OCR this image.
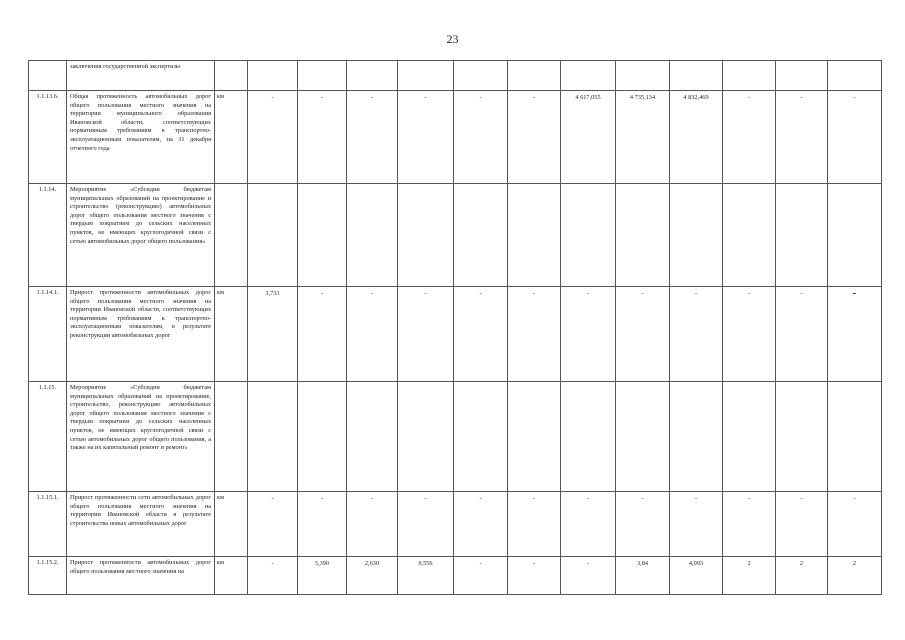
23
	заключения государственной экспертизы													
1.1.13.6.	Общая протяженность автомобильных дорог общего пользования местного значения на территории муниципального образования Ивановской области, соответствующих нормативным требованиям к транспортно-эксплуатационным показателям, на 31 декабря отчетного года	км	-	-	-	-	-	-	4 617,055	4 735,134	4 832,469	-	-	-
1.1.14.	Мероприятие «Субсидии бюджетам муниципальных образований на проектирование и строительство (реконструкцию) автомобильных дорог общего пользования местного значения с твердым покрытием до сельских населенных пунктов, не имеющих круглогодичной связи с сетью автомобильных дорог общего пользования»													
1.1.14.1.	Прирост протяженности автомобильных дорог общего пользования местного значения на территории Ивановской области, соответствующих нормативным требованиям к транспортно-эксплуатационным показателям, в результате реконструкции автомобильных дорог	км	3,733	-	-	-	-	-	-	-	-	-	-	-
1.1.15.	Мероприятие «Субсидии бюджетам муниципальных образований на проектирование, строительство, реконструкцию автомобильных дорог общего пользования местного значения с твердым покрытием до сельских населенных пунктов, не имеющих круглогодичной связи с сетью автомобильных дорог общего пользования, а также на их капитальный ремонт и ремонт»													
1.1.15.1.	Прирост протяженности сети автомобильных дорог общего пользования местного значения на территории Ивановской области в результате строительства новых автомобильных дорог	км	-	-	-	-	-	-	-	-	-	-	-	-
1.1.15.2.	Прирост протяженности автомобильных дорог общего пользования местного значения на	км	-	5,390	2,630	9,556	-	-	-	3,84	4,093	2	2	2
